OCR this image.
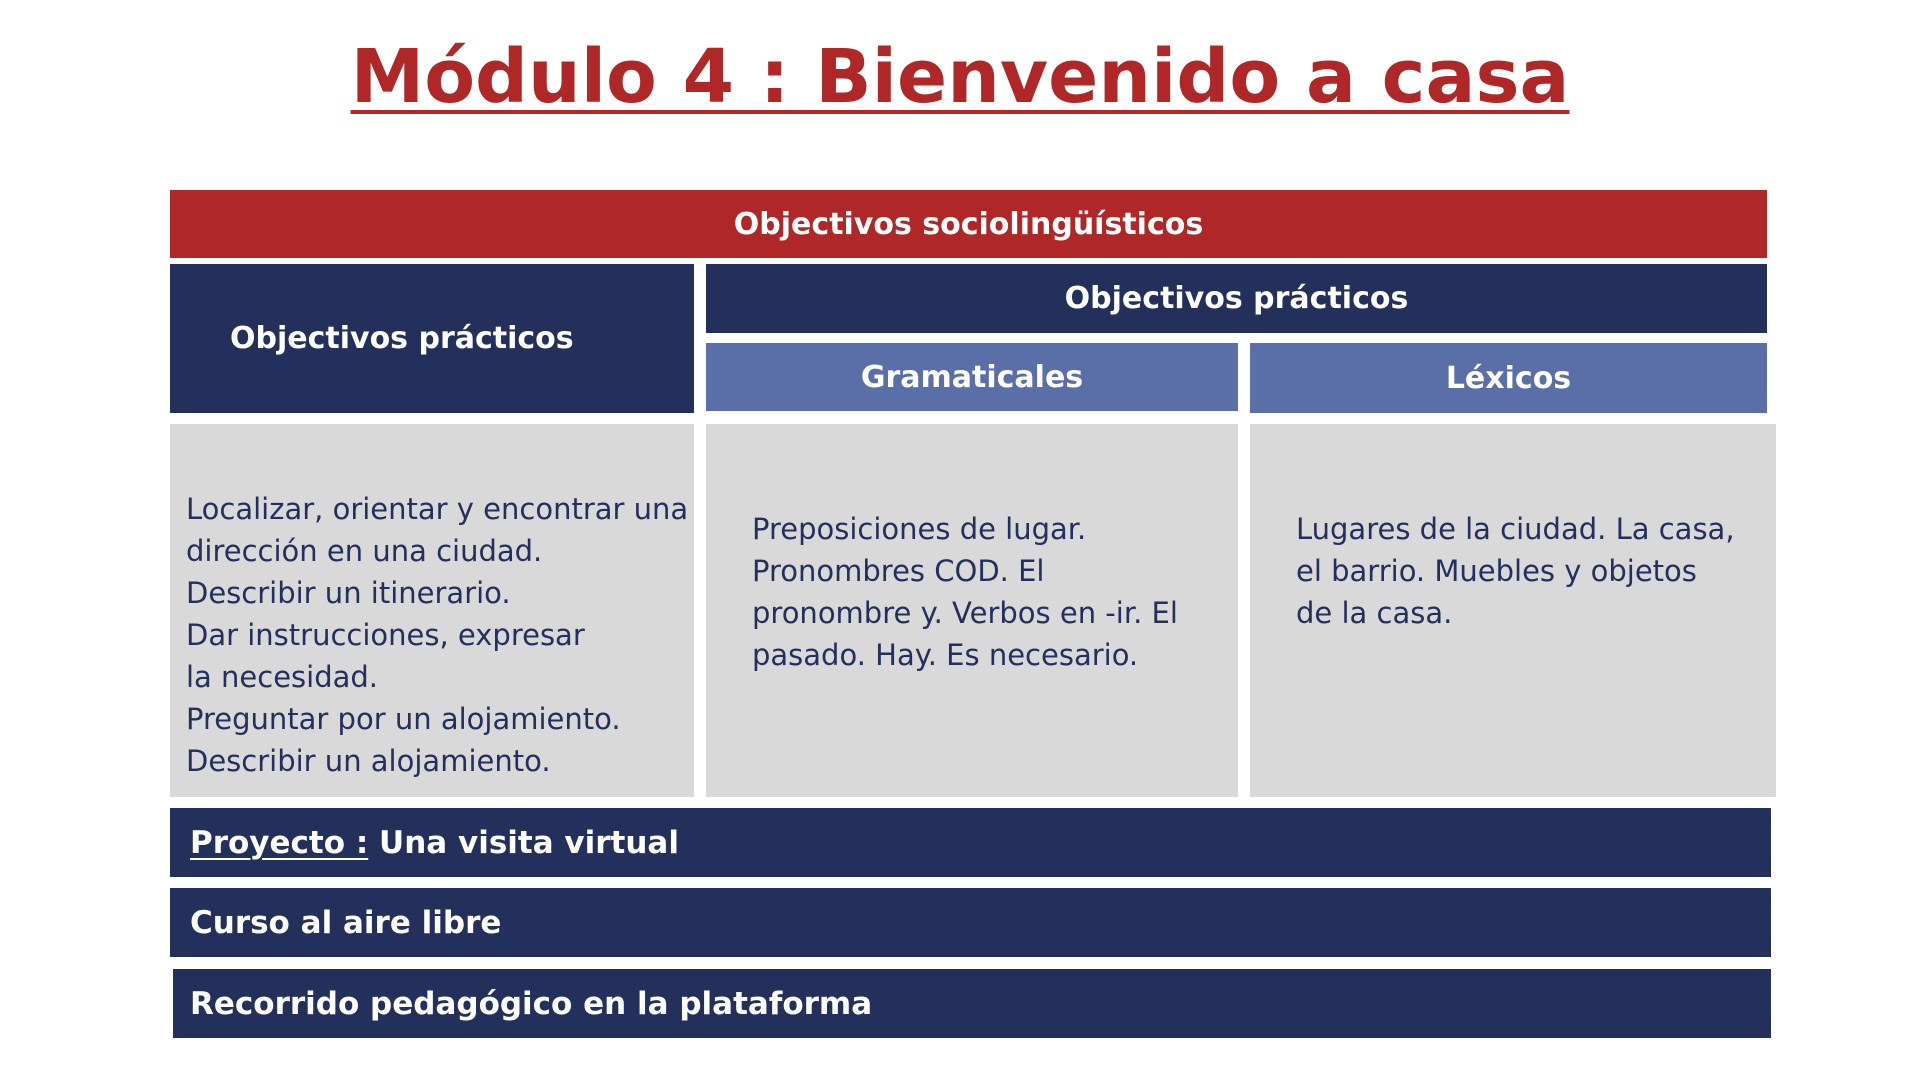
Módulo 4 : Bienvenido a casa
Objectivos sociolingüísticos
Objectivos prácticos
Objectivos prácticos
Gramaticales	Léxicos

Localizar, orientar y encontrar una
dirección en una ciudad.
Describir un itinerario.
Dar instrucciones, expresar
la necesidad.
Preguntar por un alojamiento.
Describir un alojamiento.

Preposiciones de lugar.
Pronombres COD. El
pronombre y. Verbos en -ir. El
pasado. Hay. Es necesario.

Lugares de la ciudad. La casa,
el barrio. Muebles y objetos
de la casa.

Proyecto : Una visita virtual
Curso al aire libre
Recorrido pedagógico en la plataforma
